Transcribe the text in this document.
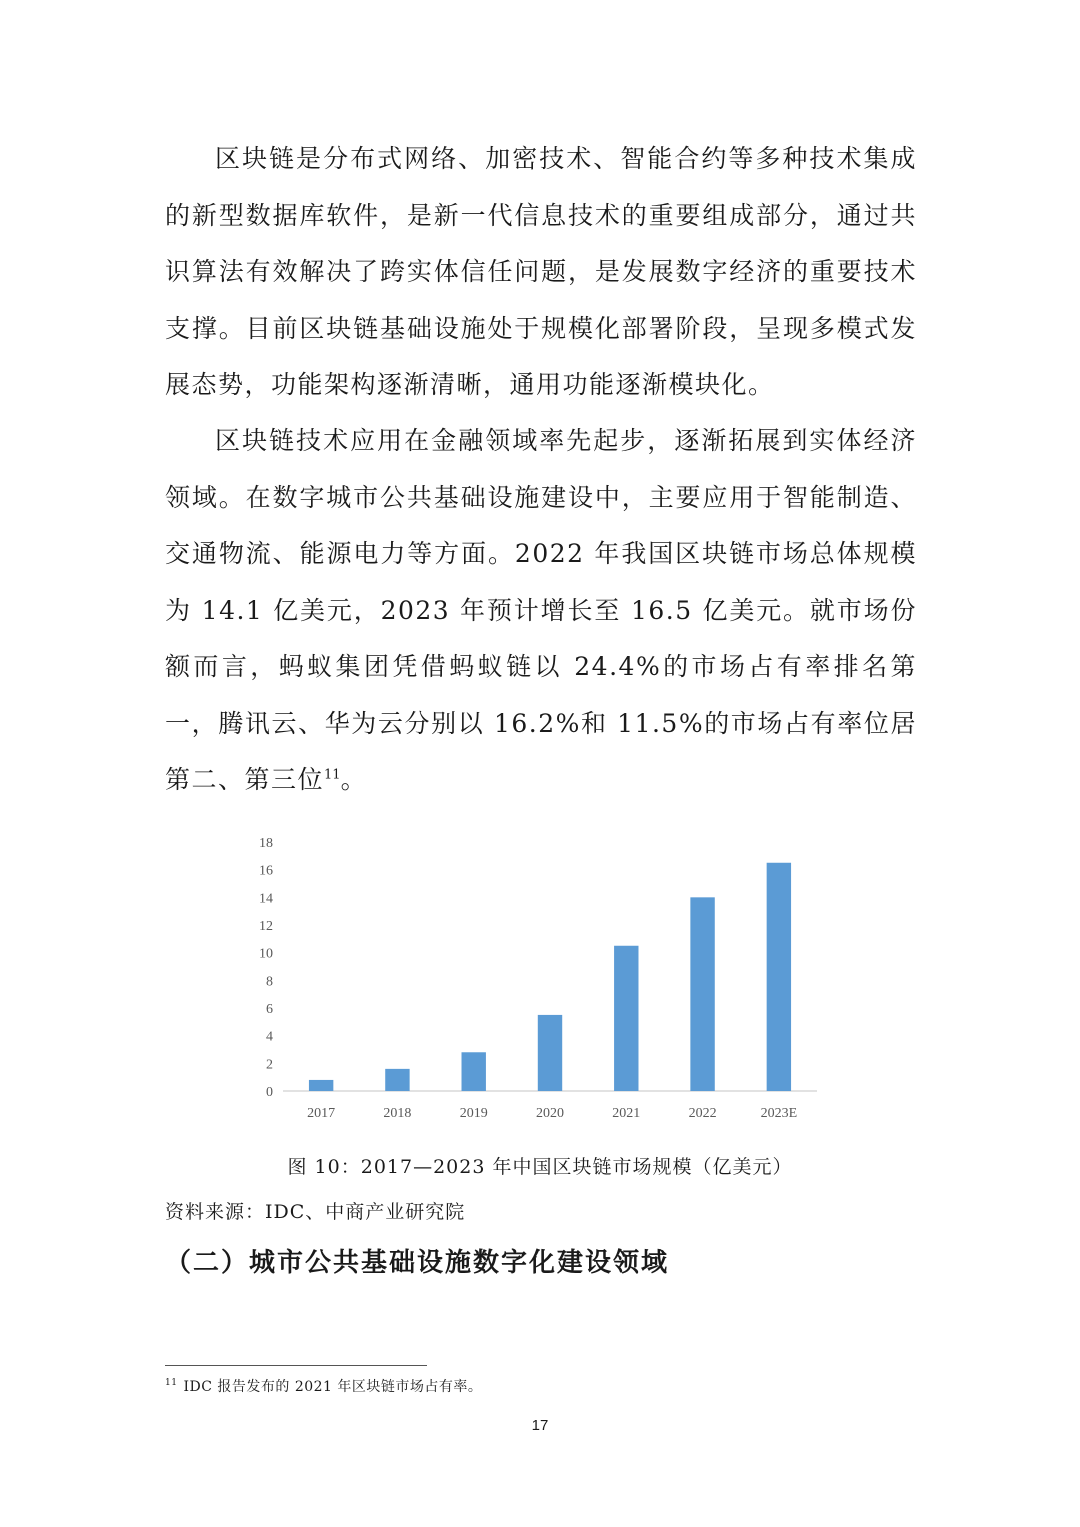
区块链是分布式网络、加密技术、智能合约等多种技术集成的新型数据库软件，是新一代信息技术的重要组成部分，通过共识算法有效解决了跨实体信任问题，是发展数字经济的重要技术支撑。目前区块链基础设施处于规模化部署阶段，呈现多模式发展态势，功能架构逐渐清晰，通用功能逐渐模块化。

区块链技术应用在金融领域率先起步，逐渐拓展到实体经济领域。在数字城市公共基础设施建设中，主要应用于智能制造、交通物流、能源电力等方面。2022 年我国区块链市场总体规模为 14.1 亿美元，2023 年预计增长至 16.5 亿美元。就市场份额而言，蚂蚁集团凭借蚂蚁链以 24.4%的市场占有率排名第一，腾讯云、华为云分别以 16.2%和 11.5%的市场占有率位居第二、第三位$^{11}$。

0
2
4
6
8
10
12
14
16
18
2017	2018	2019	2020	2021	2022	2023E

图 10：2017—2023 年中国区块链市场规模（亿美元）

资料来源：IDC、中商产业研究院

（二）城市公共基础设施数字化建设领域

$^{11}$ IDC 报告发布的 2021 年区块链市场占有率。

17
